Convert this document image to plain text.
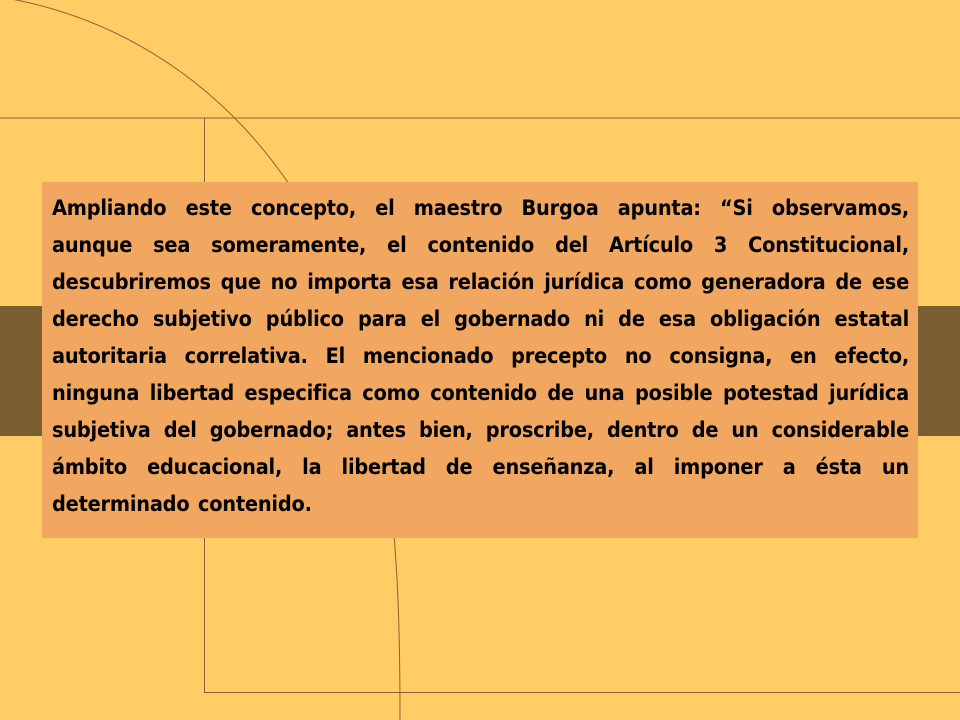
Ampliando este concepto, el maestro Burgoa apunta: “Si observamos, aunque sea someramente, el contenido del Artículo 3 Constitucional, descubriremos que no importa esa relación jurídica como generadora de ese derecho subjetivo público para el gobernado ni de esa obligación estatal autoritaria correlativa. El mencionado precepto no consigna, en efecto, ninguna libertad especifica como contenido de una posible potestad jurídica subjetiva del gobernado; antes bien, proscribe, dentro de un considerable ámbito educacional, la libertad de enseñanza, al imponer a ésta un determinado contenido.
